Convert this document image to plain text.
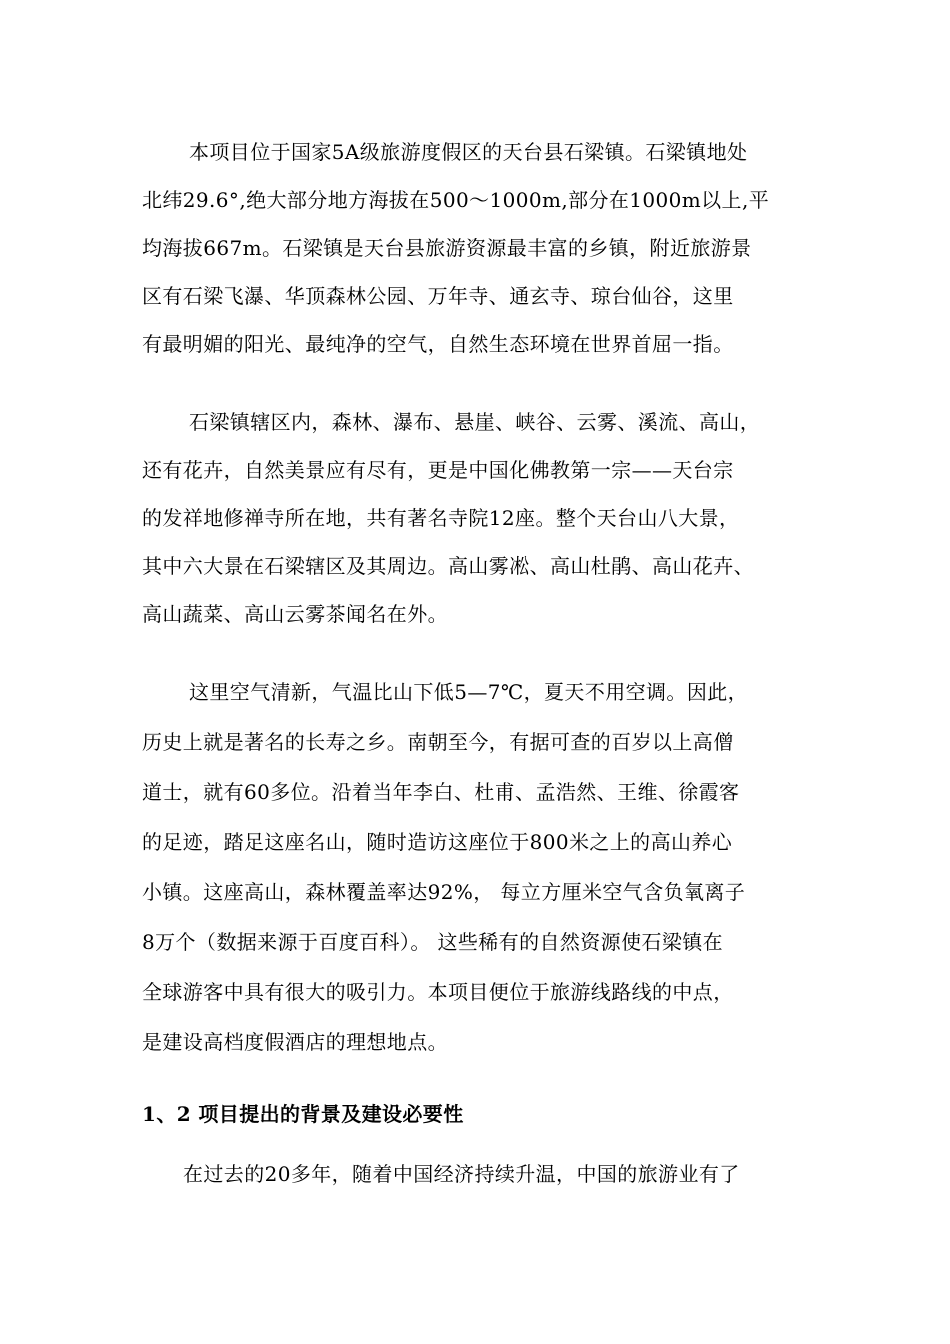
本项目位于国家5A级旅游度假区的天台县石梁镇。石梁镇地处
北纬29.6°,绝大部分地方海拔在500～1000m,部分在1000m以上,平
均海拔667m。石梁镇是天台县旅游资源最丰富的乡镇，附近旅游景
区有石梁飞瀑、华顶森林公园、万年寺、通玄寺、琼台仙谷，这里
有最明媚的阳光、最纯净的空气，自然生态环境在世界首屈一指。
石梁镇辖区内，森林、瀑布、悬崖、峡谷、云雾、溪流、高山，
还有花卉，自然美景应有尽有，更是中国化佛教第一宗——天台宗
的发祥地修禅寺所在地，共有著名寺院12座。整个天台山八大景，
其中六大景在石梁辖区及其周边。高山雾凇、高山杜鹃、高山花卉、
高山蔬菜、高山云雾茶闻名在外。
这里空气清新，气温比山下低5—7℃，夏天不用空调。因此，
历史上就是著名的长寿之乡。南朝至今，有据可查的百岁以上高僧
道士，就有60多位。沿着当年李白、杜甫、孟浩然、王维、徐霞客
的足迹，踏足这座名山，随时造访这座位于800米之上的高山养心
小镇。这座高山，森林覆盖率达92%， 每立方厘米空气含负氧离子
8万个（数据来源于百度百科）。 这些稀有的自然资源使石梁镇在
全球游客中具有很大的吸引力。本项目便位于旅游线路线的中点，
是建设高档度假酒店的理想地点。
1、2 项目提出的背景及建设必要性
在过去的20多年，随着中国经济持续升温，中国的旅游业有了
